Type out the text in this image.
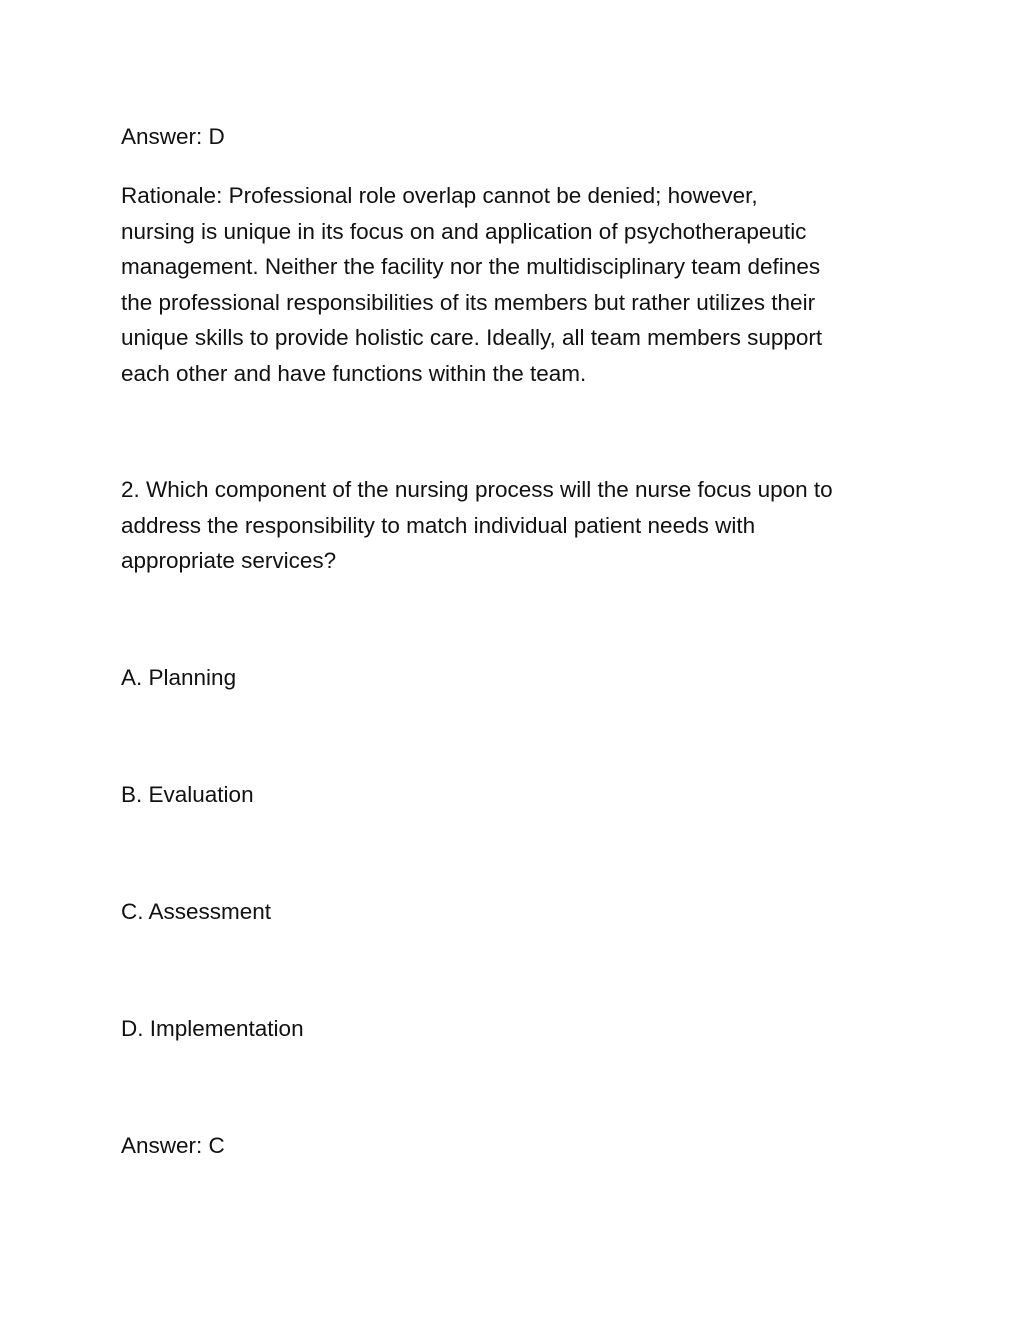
Answer: D

Rationale: Professional role overlap cannot be denied; however,
nursing is unique in its focus on and application of psychotherapeutic
management. Neither the facility nor the multidisciplinary team defines
the professional responsibilities of its members but rather utilizes their
unique skills to provide holistic care. Ideally, all team members support
each other and have functions within the team.
2. Which component of the nursing process will the nurse focus upon to
address the responsibility to match individual patient needs with
appropriate services?

A. Planning

B. Evaluation

C. Assessment

D. Implementation

Answer: C
